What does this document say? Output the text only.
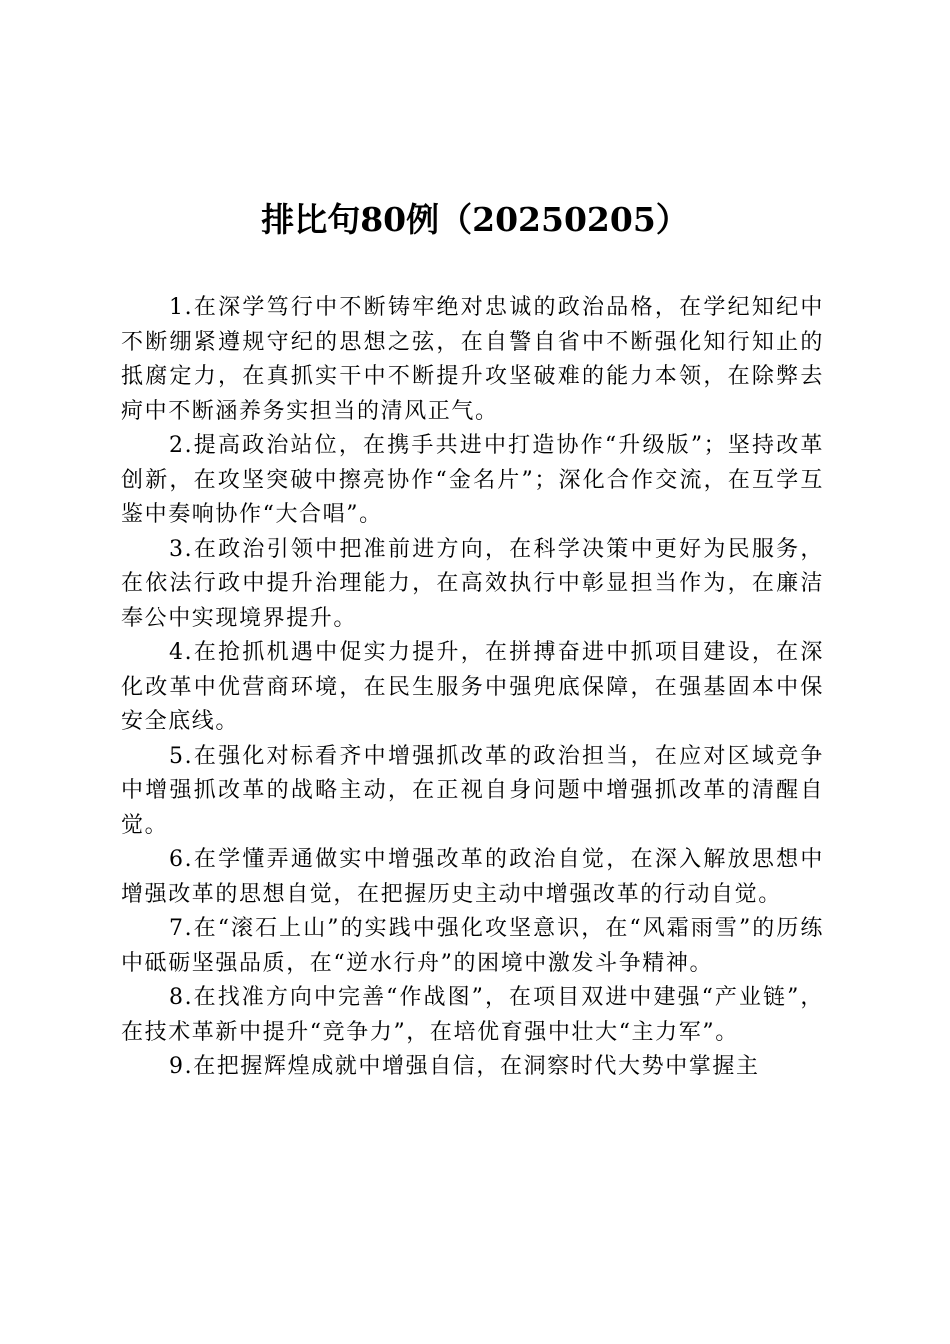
排比句80例（20250205）

1.在深学笃行中不断铸牢绝对忠诚的政治品格，在学纪知纪中不断绷紧遵规守纪的思想之弦，在自警自省中不断强化知行知止的抵腐定力，在真抓实干中不断提升攻坚破难的能力本领，在除弊去疴中不断涵养务实担当的清风正气。

2.提高政治站位，在携手共进中打造协作“升级版”；坚持改革创新，在攻坚突破中擦亮协作“金名片”；深化合作交流，在互学互鉴中奏响协作“大合唱”。

3.在政治引领中把准前进方向，在科学决策中更好为民服务，在依法行政中提升治理能力，在高效执行中彰显担当作为，在廉洁奉公中实现境界提升。

4.在抢抓机遇中促实力提升，在拼搏奋进中抓项目建设，在深化改革中优营商环境，在民生服务中强兜底保障，在强基固本中保安全底线。

5.在强化对标看齐中增强抓改革的政治担当，在应对区域竞争中增强抓改革的战略主动，在正视自身问题中增强抓改革的清醒自觉。

6.在学懂弄通做实中增强改革的政治自觉，在深入解放思想中增强改革的思想自觉，在把握历史主动中增强改革的行动自觉。

7.在“滚石上山”的实践中强化攻坚意识，在“风霜雨雪”的历练中砥砺坚强品质，在“逆水行舟”的困境中激发斗争精神。

8.在找准方向中完善“作战图”，在项目双进中建强“产业链”，在技术革新中提升“竞争力”，在培优育强中壮大“主力军”。

9.在把握辉煌成就中增强自信，在洞察时代大势中掌握主
